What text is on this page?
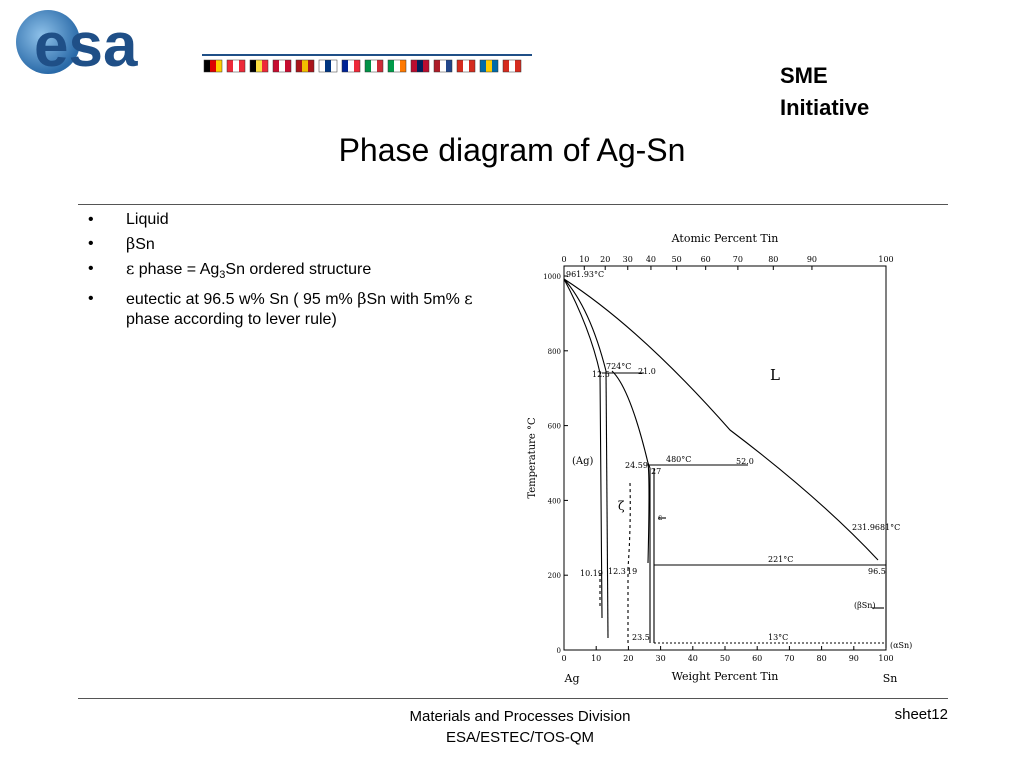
esa	SME
Initiative
Phase diagram of Ag-Sn
• Liquid
• βSn
• ε phase = $Ag_3Sn$ ordered structure
• eutectic at 96.5 w% Sn ( 95 m% βSn with 5m% ε phase according to lever rule)
0
200
400
600
800
1000
0	10	20	30	40	50	60	70	80	90 100
0 10 20 30 40 50 60	70	80	90	100
Atomic Percent Tin
Weight Percent Tin
Temperature °C
Ag	Sn
961.93°C
724°C
12.5	21.0	L
(Ag)
ζ
ε
480°C
24.59
27
52.0
231.9681°C
221°C
96.5
10.19 12.3 19
(βSn)
13°C
23.5
(αSn)
Materials and Processes Division
ESA/ESTEC/TOS-QM
sheet12
